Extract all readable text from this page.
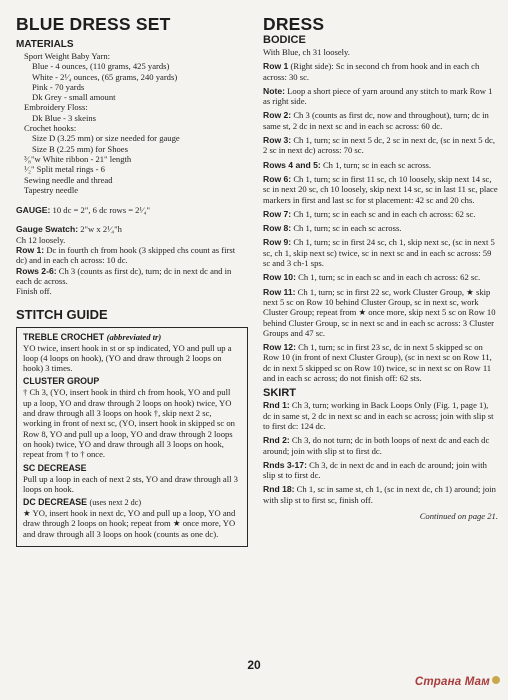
BLUE DRESS SET
MATERIALS
Sport Weight Baby Yarn:
Blue - 4 ounces, (110 grams, 425 yards)
White - 2¹⁄₄ ounces, (65 grams, 240 yards)
Pink - 70 yards
Dk Grey - small amount
Embroidery Floss:
Dk Blue - 3 skeins
Crochet hooks:
Size D (3.25 mm) or size needed for gauge
Size B (2.25 mm) for Shoes
³⁄₈"w White ribbon - 21" length
¹⁄₂" Split metal rings - 6
Sewing needle and thread
Tapestry needle
GAUGE: 10 dc = 2", 6 dc rows = 2¹⁄₄"
Gauge Swatch: 2"w x 2¹⁄₄"h
Ch 12 loosely.
Row 1: Dc in fourth ch from hook (3 skipped chs count as first dc) and in each ch across: 10 dc.
Rows 2-6: Ch 3 (counts as first dc), turn; dc in next dc and in each dc across.
Finish off.
STITCH GUIDE
TREBLE CROCHET (abbreviated tr)
YO twice, insert hook in st or sp indicated, YO and pull up a loop (4 loops on hook), (YO and draw through 2 loops on hook) 3 times.
CLUSTER GROUP
† Ch 3, (YO, insert hook in third ch from hook, YO and pull up a loop, YO and draw through 2 loops on hook) twice, YO and draw through all 3 loops on hook †, skip next 2 sc, working in front of next sc, (YO, insert hook in skipped sc on Row 8, YO and pull up a loop, YO and draw through 2 loops on hook) twice, YO and draw through all 3 loops on hook, repeat from † to † once.
SC DECREASE
Pull up a loop in each of next 2 sts, YO and draw through all 3 loops on hook.
DC DECREASE (uses next 2 dc)
★ YO, insert hook in next dc, YO and pull up a loop, YO and draw through 2 loops on hook; repeat from ★ once more, YO and draw through all 3 loops on hook (counts as one dc).
DRESS
BODICE
With Blue, ch 31 loosely.
Row 1 (Right side): Sc in second ch from hook and in each ch across: 30 sc.
Note: Loop a short piece of yarn around any stitch to mark Row 1 as right side.
Row 2: Ch 3 (counts as first dc, now and throughout), turn; dc in same st, 2 dc in next sc and in each sc across: 60 dc.
Row 3: Ch 1, turn; sc in next 5 dc, 2 sc in next dc, (sc in next 5 dc, 2 sc in next dc) across: 70 sc.
Rows 4 and 5: Ch 1, turn; sc in each sc across.
Row 6: Ch 1, turn; sc in first 11 sc, ch 10 loosely, skip next 14 sc, sc in next 20 sc, ch 10 loosely, skip next 14 sc, sc in last 11 sc, place markers in first and last sc for st placement: 42 sc and 20 chs.
Row 7: Ch 1, turn; sc in each sc and in each ch across: 62 sc.
Row 8: Ch 1, turn; sc in each sc across.
Row 9: Ch 1, turn; sc in first 24 sc, ch 1, skip next sc, (sc in next 5 sc, ch 1, skip next sc) twice, sc in next sc and in each sc across: 59 sc and 3 ch-1 sps.
Row 10: Ch 1, turn; sc in each sc and in each ch across: 62 sc.
Row 11: Ch 1, turn; sc in first 22 sc, work Cluster Group, ★ skip next 5 sc on Row 10 behind Cluster Group, sc in next sc, work Cluster Group; repeat from ★ once more, skip next 5 sc on Row 10 behind Cluster Group, sc in next sc and in each sc across: 3 Cluster Groups and 47 sc.
Row 12: Ch 1, turn; sc in first 23 sc, dc in next 5 skipped sc on Row 10 (in front of next Cluster Group), (sc in next sc on Row 11, dc in next 5 skipped sc on Row 10) twice, sc in next sc on Row 11 and in each sc across; do not finish off: 62 sts.
SKIRT
Rnd 1: Ch 3, turn; working in Back Loops Only (Fig. 1, page 1), dc in same st, 2 dc in next sc and in each sc across; join with slip st to first dc: 124 dc.
Rnd 2: Ch 3, do not turn; dc in both loops of next dc and each dc around; join with slip st to first dc.
Rnds 3-17: Ch 3, dc in next dc and in each dc around; join with slip st to first dc.
Rnd 18: Ch 1, sc in same st, ch 1, (sc in next dc, ch 1) around; join with slip st to first sc, finish off.
Continued on page 21.
20
Страна Мам
